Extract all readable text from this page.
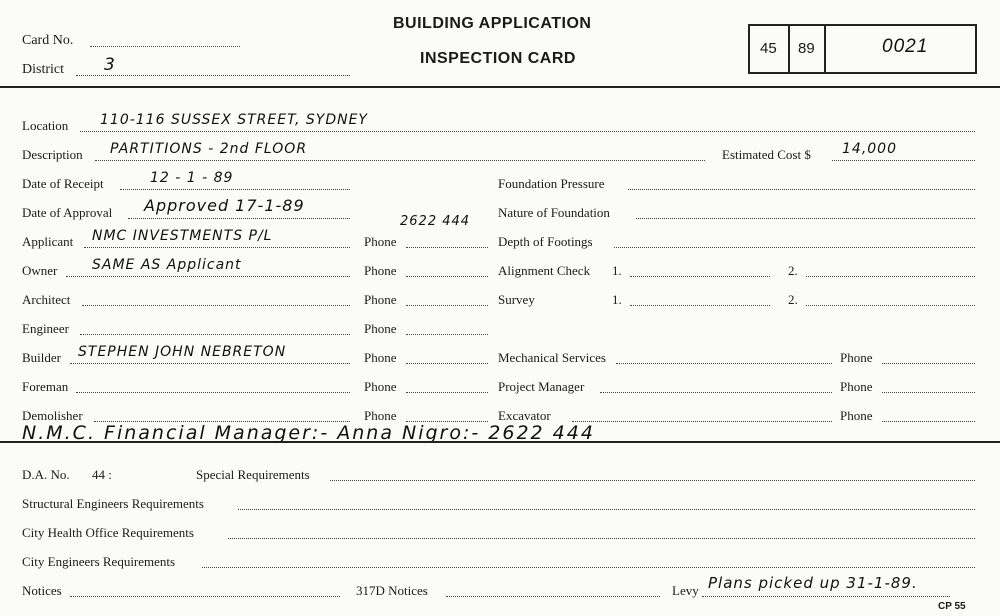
Card No.
District 3
BUILDING APPLICATION
INSPECTION CARD
45 89	0021
Location 110-116 SUSSEX STREET, SYDNEY
Description PARTITIONS - 2nd FLOOR	Estimated Cost $ 14,000
Date of Receipt	12 - 1 - 89	Foundation Pressure
Date of Approval Approved 17-1-89	Nature of Foundation
2622 444
Applicant NMC INVESTMENTS P/L	Phone	Depth of Footings
Owner SAME AS Applicant	Phone	Alignment Check 1.	2.
Architect	Phone	Survey	1.	2.
Engineer	Phone
Builder STEPHEN JOHN NEBRETON	Phone	Mechanical Services	Phone
Foreman	Phone	Project Manager	Phone
Demolisher	Phone	Excavator	Phone
N.M.C. Financial Manager:- Anna Nigro:- 2622 444
D.A. No. 44 :	Special Requirements
Structural Engineers Requirements
City Health Office Requirements
City Engineers Requirements
Notices	317D Notices	Levy Plans picked up 31-1-89.
CP 55
